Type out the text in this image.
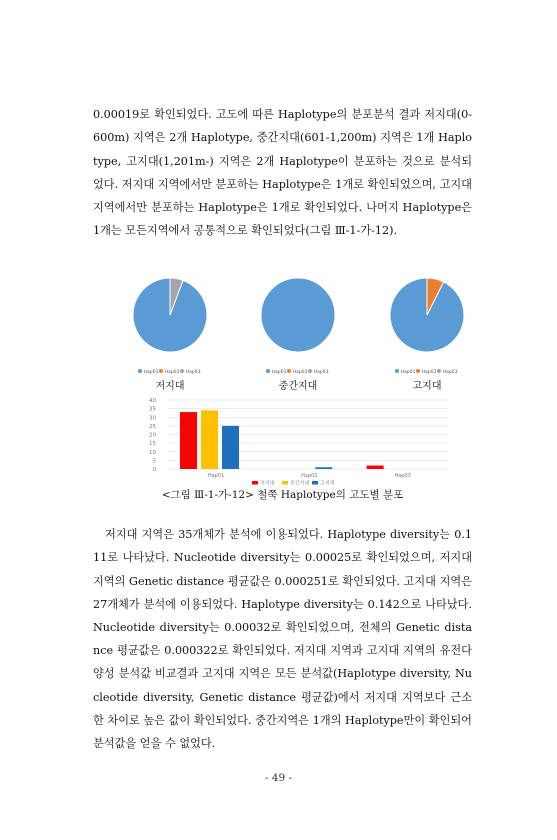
0.00019로 확인되었다. 고도에 따른 Haplotype의 분포분석 결과 저지대(0-600m) 지역은 2개 Haplotype, 중간지대(601-1,200m) 지역은 1개 Haplotype, 고지대(1,201m-) 지역은 2개 Haplotype이 분포하는 것으로 분석되었다. 저지대 지역에서만 분포하는 Haplotype은 1개로 확인되었으며, 고지대 지역에서만 분포하는 Haplotype은 1개로 확인되었다. 나머지 Haplotype은 1개는 모든지역에서 공통적으로 확인되었다(그림 Ⅲ-1-가-12).

Hap01 Hap02 Hap03
저지대
Hap01 Hap02 Hap03
중간지대
Hap01 Hap02 Hap03
고지대
0
5
10
15
20
25
30
35
40
Hap01	Hap02	Hap03
저지대	중간지대 고지대
<그림 Ⅲ-1-가-12> 철쭉 Haplotype의 고도별 분포

저지대 지역은 35개체가 분석에 이용되었다. Haplotype diversity는 0.111로 나타났다. Nucleotide diversity는 0.00025로 확인되었으며, 저지대 지역의 Genetic distance 평균값은 0.000251로 확인되었다. 고지대 지역은 27개체가 분석에 이용되었다. Haplotype diversity는 0.142으로 나타났다. Nucleotide diversity는 0.00032로 확인되었으며, 전체의 Genetic distance 평균값은 0.000322로 확인되었다. 저지대 지역과 고지대 지역의 유전다양성 분석값 비교결과 고지대 지역은 모든 분석값(Haplotype diversity, Nucleotide diversity, Genetic distance 평균값)에서 저지대 지역보다 근소한 차이로 높은 값이 확인되었다. 중간지역은 1개의 Haplotype만이 확인되어 분석값을 얻을 수 없었다.

- 49 -
